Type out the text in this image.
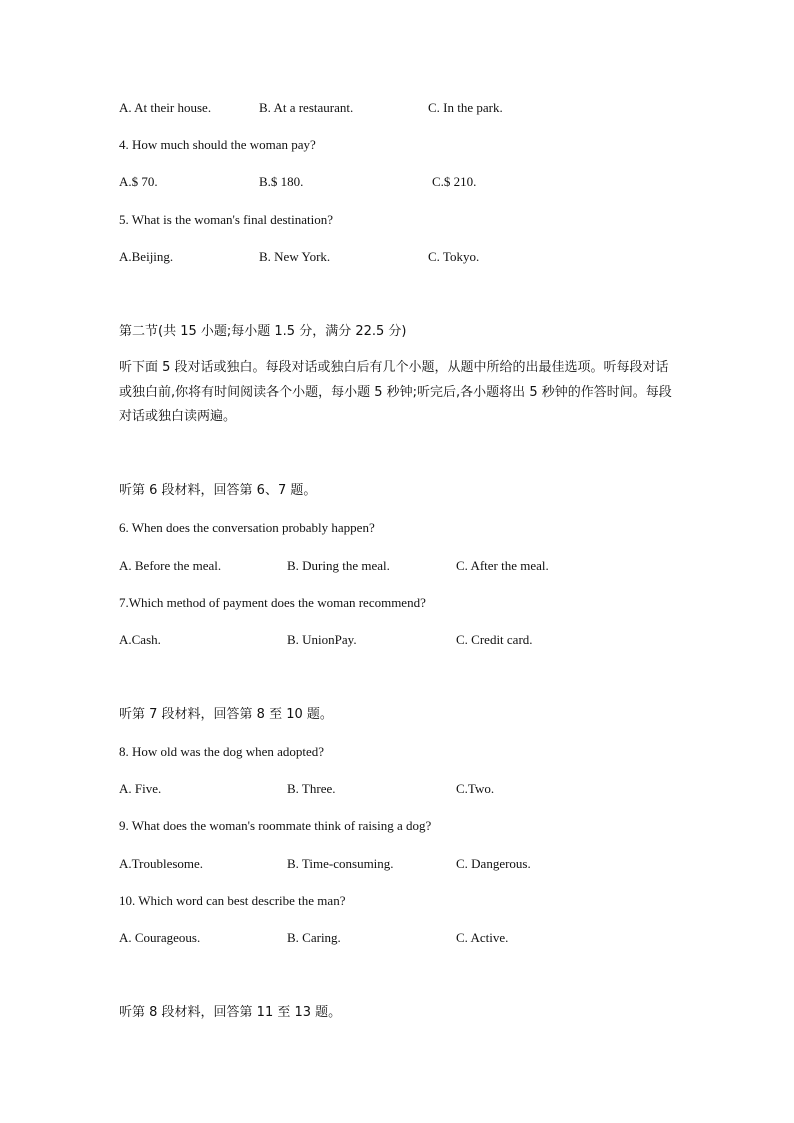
A. At their house.	B. At a restaurant.	C. In the park.
4. How much should the woman pay?
A.$ 70.	B.$ 180.	C.$ 210.
5. What is the woman's final destination?
A.Beijing.	B. New York.	C. Tokyo.
第二节(共 15 小题;每小题 1.5 分，满分 22.5 分)
听下面 5 段对话或独白。每段对话或独白后有几个小题，从题中所给的出最佳选项。听每段对话或独白前,你将有时间阅读各个小题，每小题 5 秒钟;听完后,各小题将出 5 秒钟的作答时间。每段对话或独白读两遍。
听第 6 段材料，回答第 6、7 题。
6. When does the conversation probably happen?
A. Before the meal.	B. During the meal.	C. After the meal.
7.Which method of payment does the woman recommend?
A.Cash.	B. UnionPay.	C. Credit card.
听第 7 段材料，回答第 8 至 10 题。
8. How old was the dog when adopted?
A. Five.	B. Three.	C.Two.
9. What does the woman's roommate think of raising a dog?
A.Troublesome.	B. Time-consuming.	C. Dangerous.
10. Which word can best describe the man?
A. Courageous.	B. Caring.	C. Active.
听第 8 段材料，回答第 11 至 13 题。
